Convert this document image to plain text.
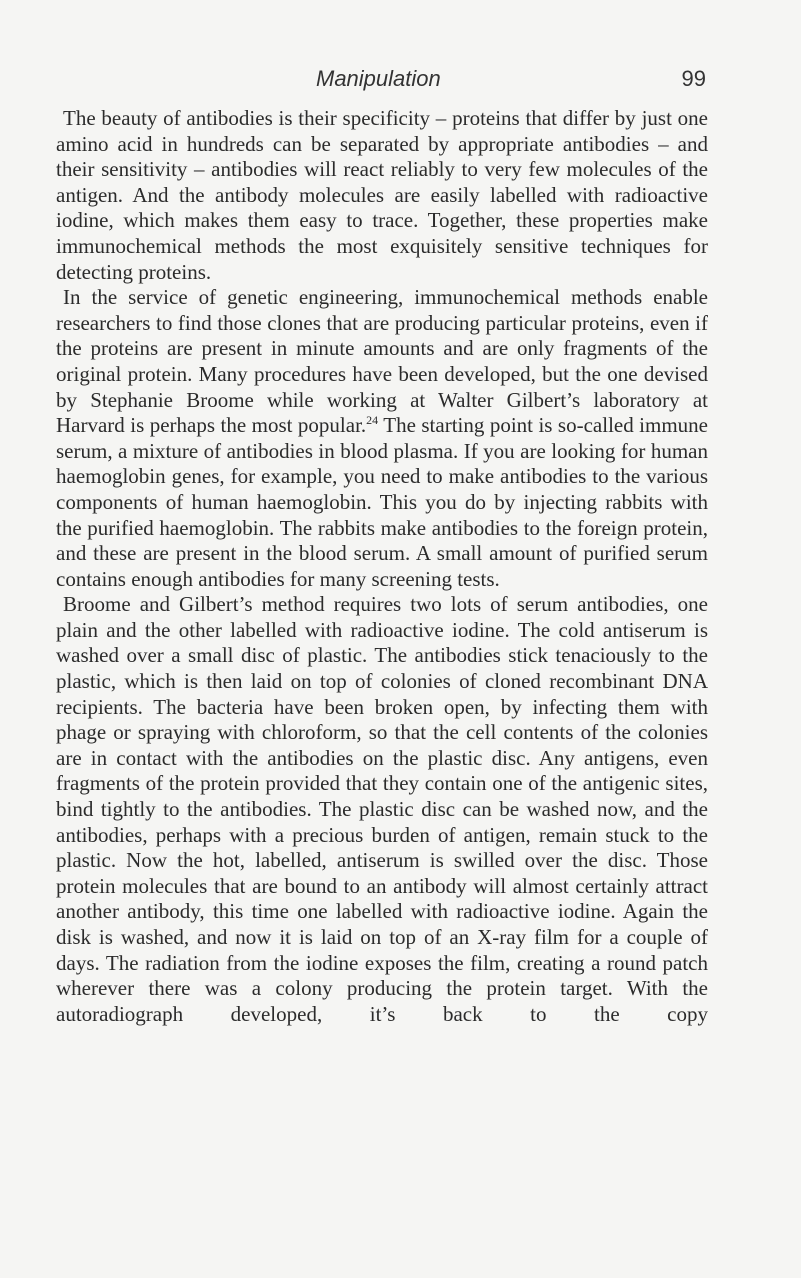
Manipulation	99

The beauty of antibodies is their specificity – proteins that differ by just one amino acid in hundreds can be separated by appropriate antibodies – and their sensitivity – antibodies will react reliably to very few molecules of the antigen. And the antibody molecules are easily labelled with radioactive iodine, which makes them easy to trace. Together, these properties make immunochemical methods the most exquisitely sensitive techniques for detecting proteins.

In the service of genetic engineering, immunochemical methods enable researchers to find those clones that are producing particular proteins, even if the proteins are present in minute amounts and are only fragments of the original protein. Many procedures have been developed, but the one devised by Stephanie Broome while working at Walter Gilbert’s laboratory at Harvard is perhaps the most popular.$^{24}$ The starting point is so-called immune serum, a mixture of antibodies in blood plasma. If you are looking for human haemoglobin genes, for example, you need to make antibodies to the various components of human haemoglobin. This you do by injecting rabbits with the purified haemoglobin. The rabbits make antibodies to the foreign protein, and these are present in the blood serum. A small amount of purified serum contains enough antibodies for many screening tests.

Broome and Gilbert’s method requires two lots of serum antibodies, one plain and the other labelled with radioactive iodine. The cold antiserum is washed over a small disc of plastic. The antibodies stick tenaciously to the plastic, which is then laid on top of colonies of cloned recombinant DNA recipients. The bacteria have been broken open, by infecting them with phage or spraying with chloroform, so that the cell contents of the colonies are in contact with the antibodies on the plastic disc. Any antigens, even fragments of the protein provided that they contain one of the antigenic sites, bind tightly to the antibodies. The plastic disc can be washed now, and the antibodies, perhaps with a precious burden of antigen, remain stuck to the plastic. Now the hot, labelled, antiserum is swilled over the disc. Those protein molecules that are bound to an antibody will almost certainly attract another antibody, this time one labelled with radioactive iodine. Again the disk is washed, and now it is laid on top of an X-ray film for a couple of days. The radiation from the iodine exposes the film, creating a round patch wherever there was a colony producing the protein target. With the autoradiograph developed, it’s back to the copy
